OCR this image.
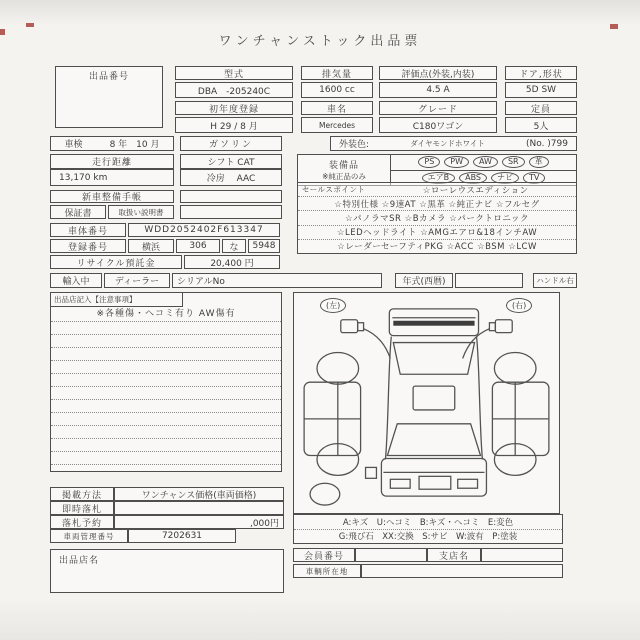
ワンチャンストック出品票
出品番号	型式
DBA　-205240C
排気量
1600 cc
評価点(外装,内装)
4.5 A
ドア,形状
5D SW
初年度登録
H 29 / 8 月
車名
Mercedes
グレード
C180ワゴン
定員
5人
車検	8 年　10 月	ガソリン	外装色:	ダイヤモンドホワイト	(No. )799
走行距離
13,170 km
シフト CAT
冷房　 AAC
装備品
※純正品のみ
PS	PW	AW	SR	革
エアB	ABS	ナビ	TV
新車整備手帳
保証書	取扱い説明書
セールスポイント	☆ローレウスエディション
☆特別仕様 ☆9速AT ☆黒革 ☆純正ナビ ☆フルセグ
☆パノラマSR ☆Bカメラ ☆パークトロニック
☆LEDヘッドライト ☆AMGエアロ&18インチAW
☆レーダーセーフティPKG ☆ACC ☆BSM ☆LCW
車体番号	WDD2052402F613347
登録番号	横浜	306	な	5948
リサイクル預託金	20,400 円
輸入中	ディーラー	シリアルNo	年式(西暦)	ハンドル右
出品店記入【注意事項】
※各種傷・ヘコミ有り AW傷有
(左)	(右)
A:キズ　U:ヘコミ　B:キズ・ヘコミ　E:変色
G:飛び石　XX:交換　S:サビ　W:波有　P:塗装
掲載方法	ワンチャンス価格(車両価格)
即時落札
落札予約	,000円
車両管理番号	7202631
出品店名	会員番号	支店名
車輌所在地
